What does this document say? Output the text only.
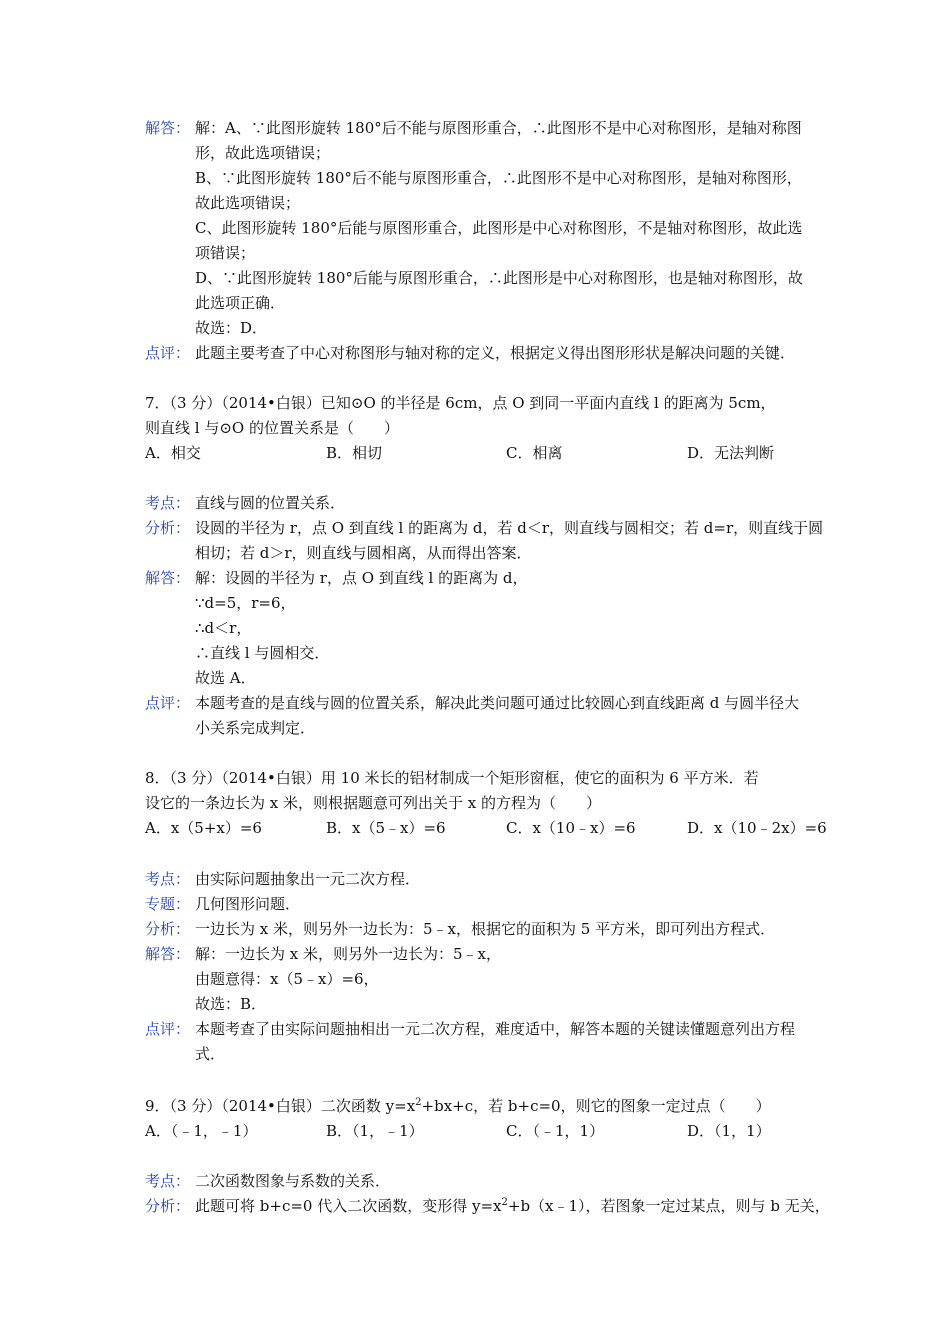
解答： 解：A、∵此图形旋转 180°后不能与原图形重合，∴此图形不是中心对称图形，是轴对称图
形，故此选项错误；
B、∵此图形旋转 180°后不能与原图形重合，∴此图形不是中心对称图形，是轴对称图形，
故此选项错误；
C、此图形旋转 180°后能与原图形重合，此图形是中心对称图形，不是轴对称图形，故此选
项错误；
D、∵此图形旋转 180°后能与原图形重合，∴此图形是中心对称图形，也是轴对称图形，故
此选项正确．
故选：D．
点评： 此题主要考查了中心对称图形与轴对称的定义，根据定义得出图形形状是解决问题的关键．
7．（3 分）（2014•白银）已知⊙O 的半径是 6cm，点 O 到同一平面内直线 l 的距离为 5cm，
则直线 l 与⊙O 的位置关系是（　　）
A．相交	B．相切	C．相离	D．无法判断
考点： 直线与圆的位置关系．
分析： 设圆的半径为 r，点 O 到直线 l 的距离为 d，若 d＜r，则直线与圆相交；若 d=r，则直线于圆
相切；若 d＞r，则直线与圆相离，从而得出答案．
解答： 解：设圆的半径为 r，点 O 到直线 l 的距离为 d，
∵d=5，r=6，
∴d＜r，
∴直线 l 与圆相交．
故选 A．
点评： 本题考查的是直线与圆的位置关系，解决此类问题可通过比较圆心到直线距离 d 与圆半径大
小关系完成判定．
8．（3 分）（2014•白银）用 10 米长的铝材制成一个矩形窗框，使它的面积为 6 平方米．若
设它的一条边长为 x 米，则根据题意可列出关于 x 的方程为（　　）
A．x（5+x）=6	B．x（5﹣x）=6	C．x（10﹣x）=6	D．x（10﹣2x）=6
考点： 由实际问题抽象出一元二次方程．
专题： 几何图形问题．
分析： 一边长为 x 米，则另外一边长为：5﹣x，根据它的面积为 5 平方米，即可列出方程式．
解答： 解：一边长为 x 米，则另外一边长为：5﹣x，
由题意得：x（5﹣x）=6，
故选：B．
点评： 本题考查了由实际问题抽相出一元二次方程，难度适中，解答本题的关键读懂题意列出方程
式．
9．（3 分）（2014•白银）二次函数 $y=x^2+bx+c$，若 b+c=0，则它的图象一定过点（　　）
A．（﹣1，﹣1）	B．（1，﹣1）	C．（﹣1，1）	D．（1，1）
考点： 二次函数图象与系数的关系．
分析： 此题可将 b+c=0 代入二次函数，变形得 $y=x^2+b(x﹣1)$，若图象一定过某点，则与 b 无关，
